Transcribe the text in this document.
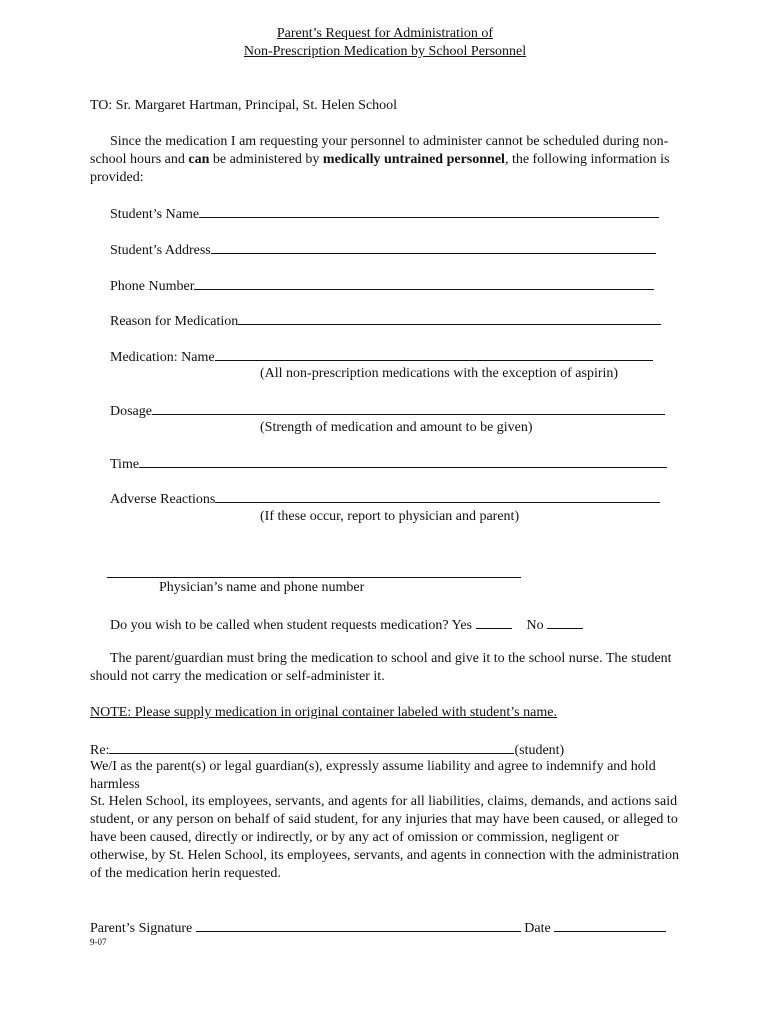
Parent’s Request for Administration of
Non-Prescription Medication by School Personnel
TO: Sr. Margaret Hartman, Principal, St. Helen School
Since the medication I am requesting your personnel to administer cannot be scheduled during non-school hours and can be administered by medically untrained personnel, the following information is provided:
Student’s Name
Student’s Address
Phone Number
Reason for Medication
Medication: Name
(All non-prescription medications with the exception of aspirin)
Dosage
(Strength of medication and amount to be given)
Time
Adverse Reactions
(If these occur, report to physician and parent)
Physician’s name and phone number
Do you wish to be called when student requests medication? Yes	No
The parent/guardian must bring the medication to school and give it to the school nurse. The student should not carry the medication or self-administer it.
NOTE: Please supply medication in original container labeled with student’s name.
Re:	(student)
We/I as the parent(s) or legal guardian(s), expressly assume liability and agree to indemnify and hold harmless
St. Helen School, its employees, servants, and agents for all liabilities, claims, demands, and actions said student, or any person on behalf of said student, for any injuries that may have been caused, or alleged to have been caused, directly or indirectly, or by any act of omission or commission, negligent or otherwise, by St. Helen School, its employees, servants, and agents in connection with the administration of the medication herin requested.
Parent’s Signature	Date
9-07
